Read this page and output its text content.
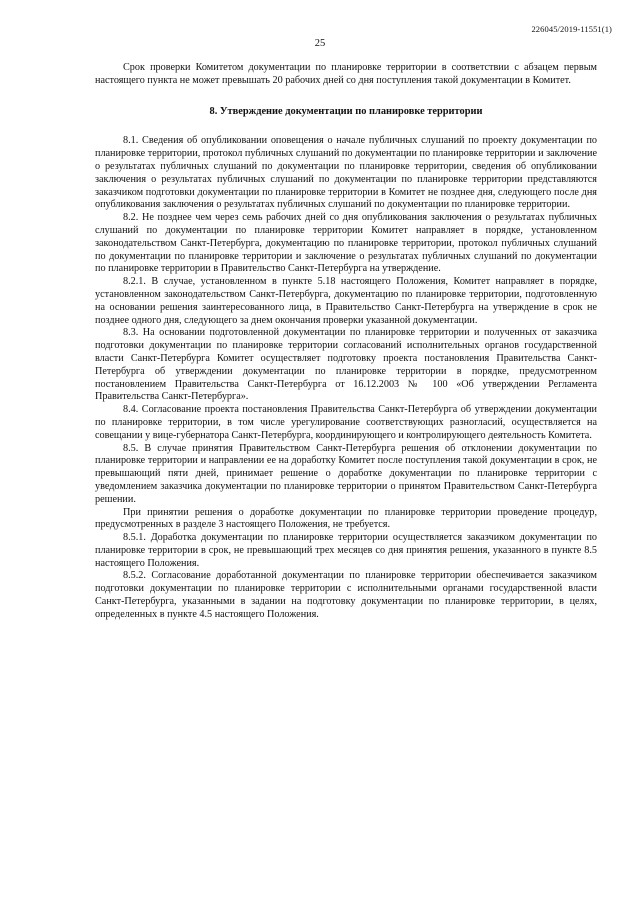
226045/2019-11551(1)
25

Срок проверки Комитетом документации по планировке территории в соответствии с абзацем первым настоящего пункта не может превышать 20 рабочих дней со дня поступления такой документации в Комитет.

8. Утверждение документации по планировке территории

8.1. Сведения об опубликовании оповещения о начале публичных слушаний по проекту документации по планировке территории, протокол публичных слушаний по документации по планировке территории и заключение о результатах публичных слушаний по документации по планировке территории, сведения об опубликовании заключения о результатах публичных слушаний по документации по планировке территории представляются заказчиком подготовки документации по планировке территории в Комитет не позднее дня, следующего после дня опубликования заключения о результатах публичных слушаний по документации по планировке территории.

8.2. Не позднее чем через семь рабочих дней со дня опубликования заключения о результатах публичных слушаний по документации по планировке территории Комитет направляет в порядке, установленном законодательством Санкт-Петербурга, документацию по планировке территории, протокол публичных слушаний по документации по планировке территории и заключение о результатах публичных слушаний по документации по планировке территории в Правительство Санкт-Петербурга на утверждение.

8.2.1. В случае, установленном в пункте 5.18 настоящего Положения, Комитет направляет в порядке, установленном законодательством Санкт-Петербурга, документацию по планировке территории, подготовленную на основании решения заинтересованного лица, в Правительство Санкт-Петербурга на утверждение в срок не позднее одного дня, следующего за днем окончания проверки указанной документации.

8.3. На основании подготовленной документации по планировке территории и полученных от заказчика подготовки документации по планировке территории согласований исполнительных органов государственной власти Санкт-Петербурга Комитет осуществляет подготовку проекта постановления Правительства Санкт-Петербурга об утверждении документации по планировке территории в порядке, предусмотренном постановлением Правительства Санкт-Петербурга от 16.12.2003 № 100 «Об утверждении Регламента Правительства Санкт-Петербурга».

8.4. Согласование проекта постановления Правительства Санкт-Петербурга об утверждении документации по планировке территории, в том числе урегулирование соответствующих разногласий, осуществляется на совещании у вице-губернатора Санкт-Петербурга, координирующего и контролирующего деятельность Комитета.

8.5. В случае принятия Правительством Санкт-Петербурга решения об отклонении документации по планировке территории и направлении ее на доработку Комитет после поступления такой документации в срок, не превышающий пяти дней, принимает решение о доработке документации по планировке территории с уведомлением заказчика документации по планировке территории о принятом Правительством Санкт-Петербурга решении.

При принятии решения о доработке документации по планировке территории проведение процедур, предусмотренных в разделе 3 настоящего Положения, не требуется.

8.5.1. Доработка документации по планировке территории осуществляется заказчиком документации по планировке территории в срок, не превышающий трех месяцев со дня принятия решения, указанного в пункте 8.5 настоящего Положения.

8.5.2. Согласование доработанной документации по планировке территории обеспечивается заказчиком подготовки документации по планировке территории с исполнительными органами государственной власти Санкт-Петербурга, указанными в задании на подготовку документации по планировке территории, в целях, определенных в пункте 4.5 настоящего Положения.
